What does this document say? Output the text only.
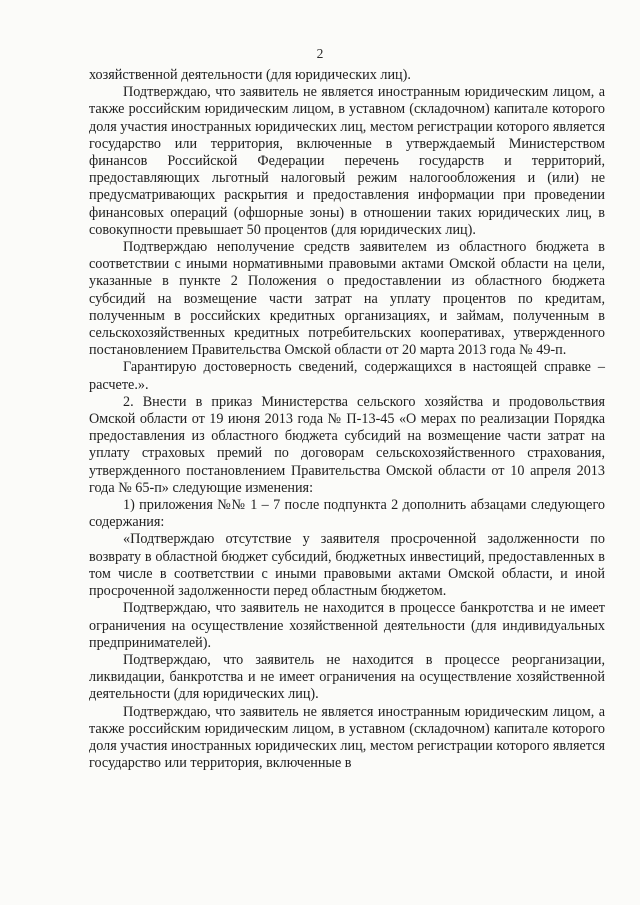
2

хозяйственной деятельности (для юридических лиц).

Подтверждаю, что заявитель не является иностранным юридическим лицом, а также российским юридическим лицом, в уставном (складочном) капитале которого доля участия иностранных юридических лиц, местом регистрации которого является государство или территория, включенные в утверждаемый Министерством финансов Российской Федерации перечень государств и территорий, предоставляющих льготный налоговый режим налогообложения и (или) не предусматривающих раскрытия и предоставления информации при проведении финансовых операций (офшорные зоны) в отношении таких юридических лиц, в совокупности превышает 50 процентов (для юридических лиц).

Подтверждаю неполучение средств заявителем из областного бюджета в соответствии с иными нормативными правовыми актами Омской области на цели, указанные в пункте 2 Положения о предоставлении из областного бюджета субсидий на возмещение части затрат на уплату процентов по кредитам, полученным в российских кредитных организациях, и займам, полученным в сельскохозяйственных кредитных потребительских кооперативах, утвержденного постановлением Правительства Омской области от 20 марта 2013 года № 49-п.

Гарантирую достоверность сведений, содержащихся в настоящей справке – расчете.».

2. Внести в приказ Министерства сельского хозяйства и продовольствия Омской области от 19 июня 2013 года № П-13-45 «О мерах по реализации Порядка предоставления из областного бюджета субсидий на возмещение части затрат на уплату страховых премий по договорам сельскохозяйственного страхования, утвержденного постановлением Правительства Омской области от 10 апреля 2013 года № 65-п» следующие изменения:

1) приложения №№ 1 – 7 после подпункта 2 дополнить абзацами следующего содержания:

«Подтверждаю отсутствие у заявителя просроченной задолженности по возврату в областной бюджет субсидий, бюджетных инвестиций, предоставленных в том числе в соответствии с иными правовыми актами Омской области, и иной просроченной задолженности перед областным бюджетом.

Подтверждаю, что заявитель не находится в процессе банкротства и не имеет ограничения на осуществление хозяйственной деятельности (для индивидуальных предпринимателей).

Подтверждаю, что заявитель не находится в процессе реорганизации, ликвидации, банкротства и не имеет ограничения на осуществление хозяйственной деятельности (для юридических лиц).

Подтверждаю, что заявитель не является иностранным юридическим лицом, а также российским юридическим лицом, в уставном (складочном) капитале которого доля участия иностранных юридических лиц, местом регистрации которого является государство или территория, включенные в
